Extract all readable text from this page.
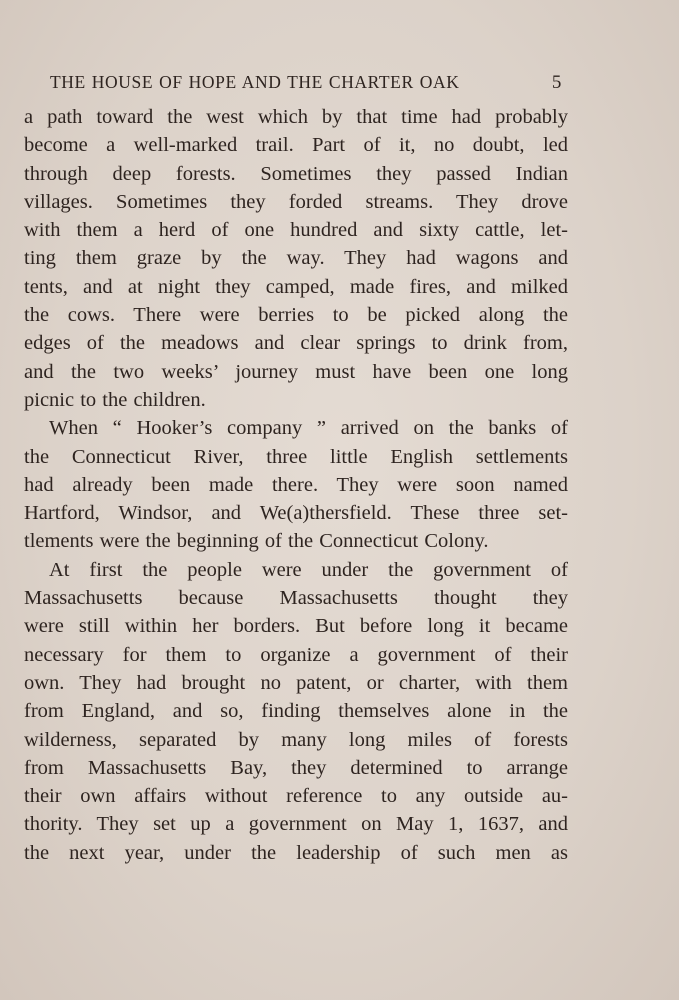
THE HOUSE OF HOPE AND THE CHARTER OAK	5
a path toward the west which by that time had probably
become a well-marked trail. Part of it, no doubt, led
through deep forests. Sometimes they passed Indian
villages. Sometimes they forded streams. They drove
with them a herd of one hundred and sixty cattle, let-
ting them graze by the way. They had wagons and
tents, and at night they camped, made fires, and milked
the cows. There were berries to be picked along the
edges of the meadows and clear springs to drink from,
and the two weeks’ journey must have been one long
picnic to the children.
When “ Hooker’s company ” arrived on the banks of
the Connecticut River, three little English settlements
had already been made there. They were soon named
Hartford, Windsor, and We(a)thersfield. These three set-
tlements were the beginning of the Connecticut Colony.
At first the people were under the government of
Massachusetts because Massachusetts thought they
were still within her borders. But before long it became
necessary for them to organize a government of their
own. They had brought no patent, or charter, with them
from England, and so, finding themselves alone in the
wilderness, separated by many long miles of forests
from Massachusetts Bay, they determined to arrange
their own affairs without reference to any outside au-
thority. They set up a government on May 1, 1637, and
the next year, under the leadership of such men as
